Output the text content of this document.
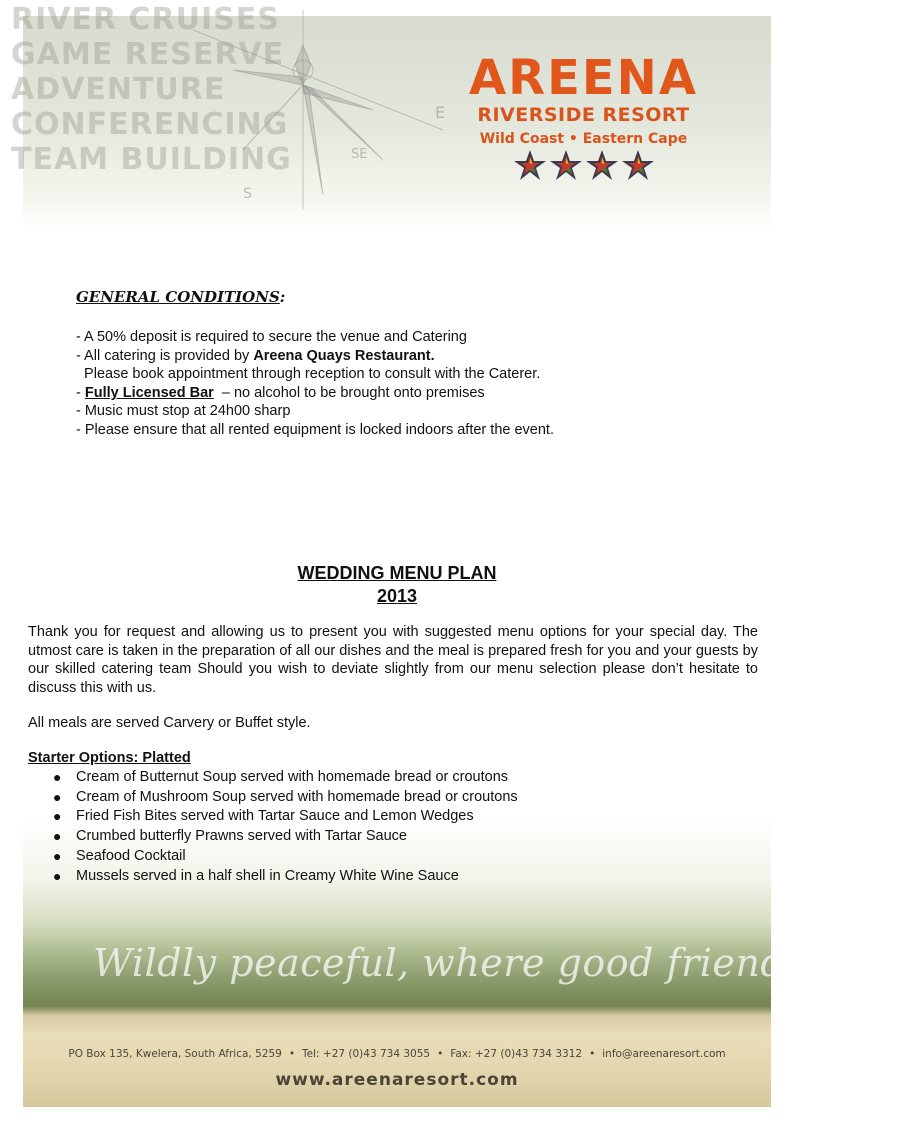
RIVER CRUISES
GAME RESERVE
ADVENTURE
CONFERENCING
TEAM BUILDING
E
SE
S
AREENA
RIVERSIDE RESORT
Wild Coast • Eastern Cape
GENERAL CONDITIONS:
- A 50% deposit is required to secure the venue and Catering
- All catering is provided by Areena Quays Restaurant.
Please book appointment through reception to consult with the Caterer.
- Fully Licensed Bar  – no alcohol to be brought onto premises
- Music must stop at 24h00 sharp
- Please ensure that all rented equipment is locked indoors after the event.
WEDDING MENU PLAN
2013
Thank you for request and allowing us to present you with suggested menu options for your special day. The utmost care is taken in the preparation of all our dishes and the meal is prepared fresh for you and your guests by our skilled catering team Should you wish to deviate slightly from our menu selection please don’t hesitate to discuss this with us.
All meals are served Carvery or Buffet style.
Starter Options: Platted
● Cream of Butternut Soup served with homemade bread or croutons
● Cream of Mushroom Soup served with homemade bread or croutons
● Fried Fish Bites served with Tartar Sauce and Lemon Wedges
● Crumbed butterfly Prawns served with Tartar Sauce
● Seafood Cocktail
● Mussels served in a half shell in Creamy White Wine Sauce
Wildly peaceful, where good friends meet
PO Box 135, Kwelera, South Africa, 5259 • Tel: +27 (0)43 734 3055 • Fax: +27 (0)43 734 3312 • info@areenaresort.com
www.areenaresort.com
